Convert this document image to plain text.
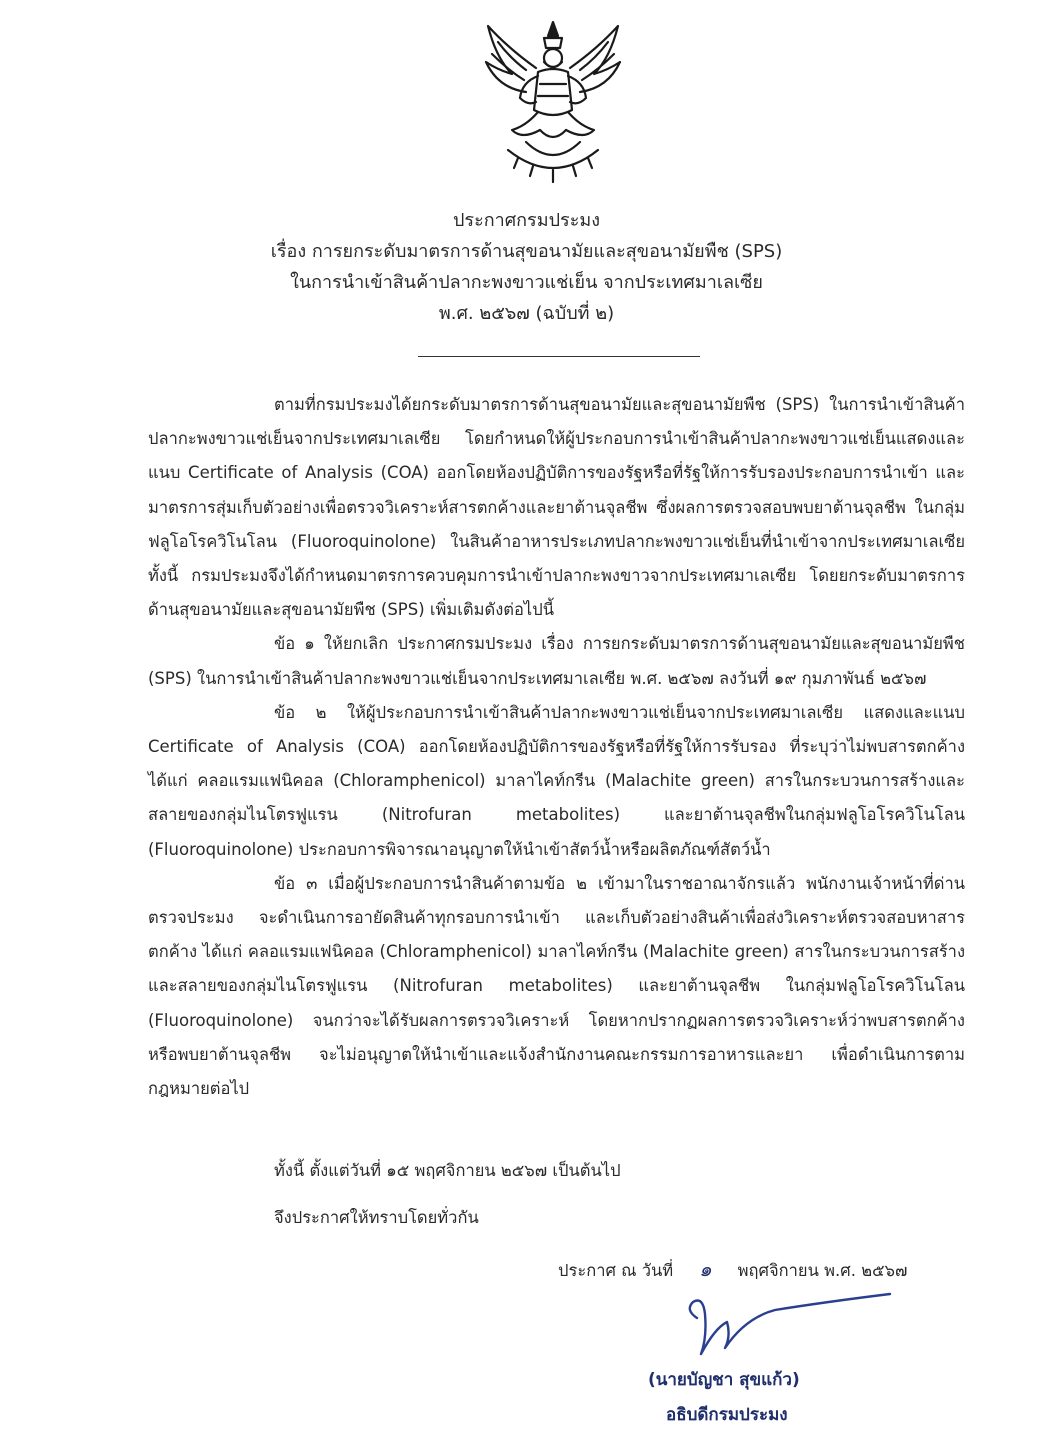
ประกาศกรมประมง
เรื่อง การยกระดับมาตรการด้านสุขอนามัยและสุขอนามัยพืช (SPS)
ในการนำเข้าสินค้าปลากะพงขาวแช่เย็น จากประเทศมาเลเซีย
พ.ศ. ๒๕๖๗ (ฉบับที่ ๒)

ตามที่กรมประมงได้ยกระดับมาตรการด้านสุขอนามัยและสุขอนามัยพืช (SPS) ในการนำเข้าสินค้าปลากะพงขาวแช่เย็นจากประเทศมาเลเซีย โดยกำหนดให้ผู้ประกอบการนำเข้าสินค้าปลากะพงขาวแช่เย็นแสดงและแนบ Certificate of Analysis (COA) ออกโดยห้องปฏิบัติการของรัฐหรือที่รัฐให้การรับรองประกอบการนำเข้า และมาตรการสุ่มเก็บตัวอย่างเพื่อตรวจวิเคราะห์สารตกค้างและยาต้านจุลชีพ ซึ่งผลการตรวจสอบพบยาต้านจุลชีพ ในกลุ่มฟลูโอโรควิโนโลน (Fluoroquinolone) ในสินค้าอาหารประเภทปลากะพงขาวแช่เย็นที่นำเข้าจากประเทศมาเลเซีย ทั้งนี้ กรมประมงจึงได้กำหนดมาตรการควบคุมการนำเข้าปลากะพงขาวจากประเทศมาเลเซีย โดยยกระดับมาตรการด้านสุขอนามัยและสุขอนามัยพืช (SPS) เพิ่มเติมดังต่อไปนี้

ข้อ ๑ ให้ยกเลิก ประกาศกรมประมง เรื่อง การยกระดับมาตรการด้านสุขอนามัยและสุขอนามัยพืช (SPS) ในการนำเข้าสินค้าปลากะพงขาวแช่เย็นจากประเทศมาเลเซีย พ.ศ. ๒๕๖๗ ลงวันที่ ๑๙ กุมภาพันธ์ ๒๕๖๗

ข้อ ๒ ให้ผู้ประกอบการนำเข้าสินค้าปลากะพงขาวแช่เย็นจากประเทศมาเลเซีย แสดงและแนบ Certificate of Analysis (COA) ออกโดยห้องปฏิบัติการของรัฐหรือที่รัฐให้การรับรอง ที่ระบุว่าไม่พบสารตกค้าง ได้แก่ คลอแรมแฟนิคอล (Chloramphenicol) มาลาไคท์กรีน (Malachite green) สารในกระบวนการสร้างและสลายของกลุ่มไนโตรฟูแรน (Nitrofuran metabolites) และยาต้านจุลชีพในกลุ่มฟลูโอโรควิโนโลน (Fluoroquinolone) ประกอบการพิจารณาอนุญาตให้นำเข้าสัตว์น้ำหรือผลิตภัณฑ์สัตว์น้ำ

ข้อ ๓ เมื่อผู้ประกอบการนำสินค้าตามข้อ ๒ เข้ามาในราชอาณาจักรแล้ว พนักงานเจ้าหน้าที่ด่านตรวจประมง จะดำเนินการอายัดสินค้าทุกรอบการนำเข้า และเก็บตัวอย่างสินค้าเพื่อส่งวิเคราะห์ตรวจสอบหาสารตกค้าง ได้แก่ คลอแรมแฟนิคอล (Chloramphenicol) มาลาไคท์กรีน (Malachite green) สารในกระบวนการสร้างและสลายของกลุ่มไนโตรฟูแรน (Nitrofuran metabolites) และยาต้านจุลชีพ ในกลุ่มฟลูโอโรควิโนโลน (Fluoroquinolone) จนกว่าจะได้รับผลการตรวจวิเคราะห์ โดยหากปรากฏผลการตรวจวิเคราะห์ว่าพบสารตกค้าง หรือพบยาต้านจุลชีพ จะไม่อนุญาตให้นำเข้าและแจ้งสำนักงานคณะกรรมการอาหารและยา เพื่อดำเนินการตามกฎหมายต่อไป

ทั้งนี้ ตั้งแต่วันที่ ๑๕ พฤศจิกายน ๒๕๖๗ เป็นต้นไป
จึงประกาศให้ทราบโดยทั่วกัน
ประกาศ ณ วันที่ ๑ พฤศจิกายน พ.ศ. ๒๕๖๗
(นายบัญชา สุขแก้ว)
อธิบดีกรมประมง
